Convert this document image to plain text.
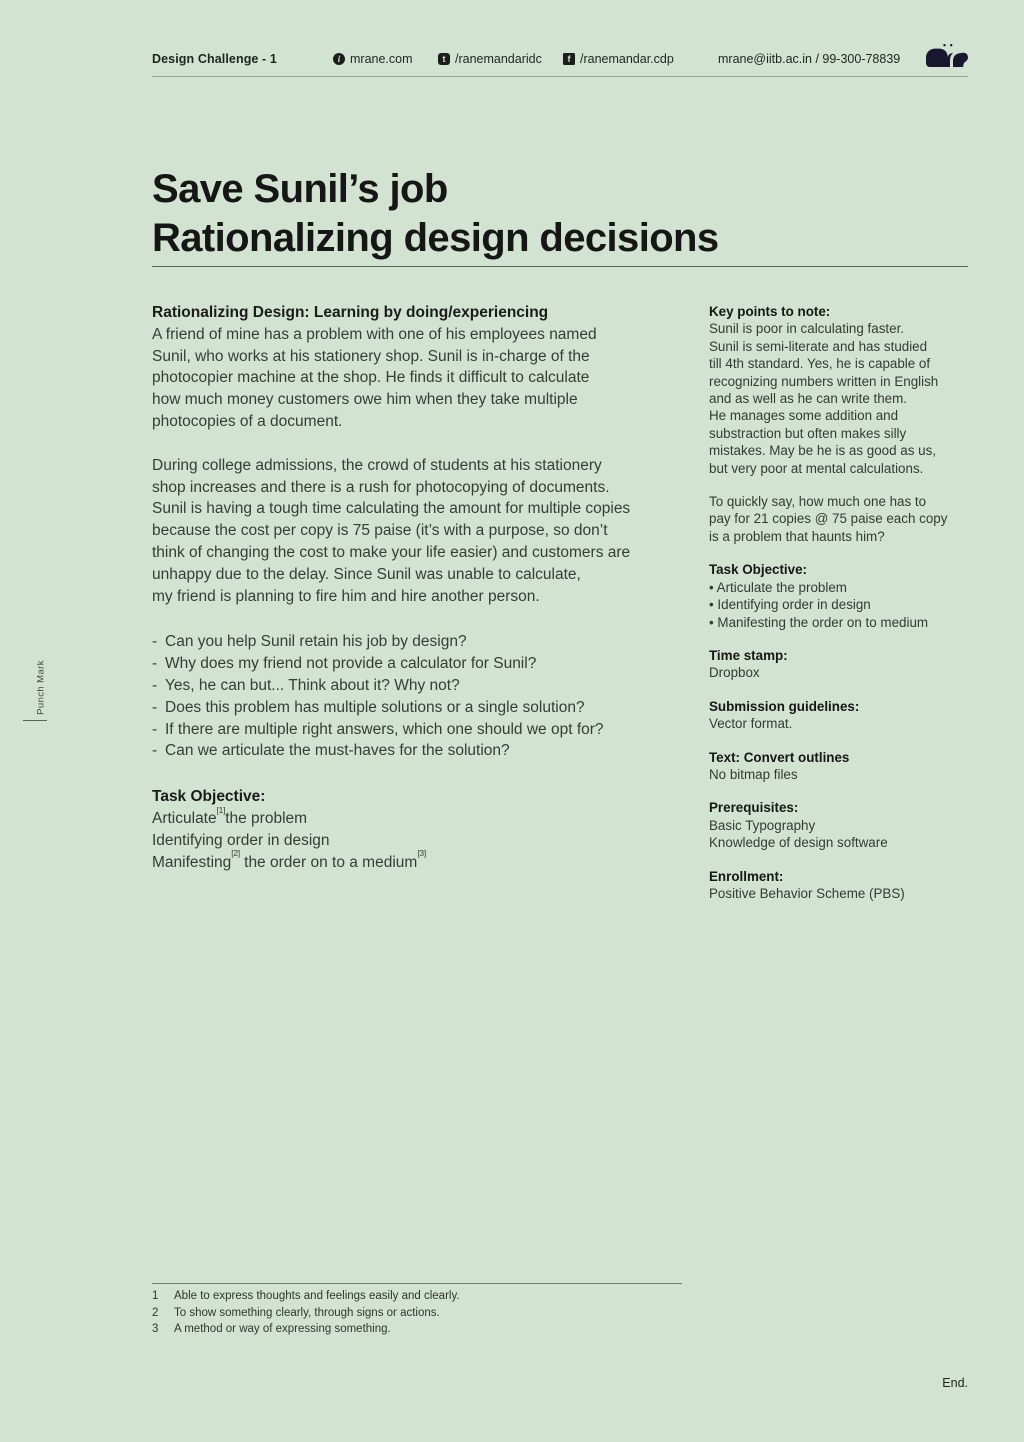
Design Challenge - 1	i mrane.com	t /ranemandaridc	f /ranemandar.cdp	mrane@iitb.ac.in / 99-300-78839
Save Sunil’s job
Rationalizing design decisions
Rationalizing Design: Learning by doing/experiencing
A friend of mine has a problem with one of his employees named
Sunil, who works at his stationery shop. Sunil is in-charge of the
photocopier machine at the shop. He finds it difficult to calculate
how much money customers owe him when they take multiple
photocopies of a document.
During college admissions, the crowd of students at his stationery
shop increases and there is a rush for photocopying of documents.
Sunil is having a tough time calculating the amount for multiple copies
because the cost per copy is 75 paise (it’s with a purpose, so don’t
think of changing the cost to make your life easier) and customers are
unhappy due to the delay. Since Sunil was unable to calculate,
my friend is planning to fire him and hire another person.
- Can you help Sunil retain his job by design?
- Why does my friend not provide a calculator for Sunil?
- Yes, he can but... Think about it? Why not?
- Does this problem has multiple solutions or a single solution?
- If there are multiple right answers, which one should we opt for?
- Can we articulate the must-haves for the solution?
Task Objective:
Articulate[1]the problem
Identifying order in design
Manifesting[2] the order on to a medium[3]
Key points to note:
Sunil is poor in calculating faster.
Sunil is semi-literate and has studied
till 4th standard. Yes, he is capable of
recognizing numbers written in English
and as well as he can write them.
He manages some addition and
substraction but often makes silly
mistakes. May be he is as good as us,
but very poor at mental calculations.
To quickly say, how much one has to
pay for 21 copies @ 75 paise each copy
is a problem that haunts him?
Task Objective:
• Articulate the problem
• Identifying order in design
• Manifesting the order on to medium
Time stamp:
Dropbox
Submission guidelines:
Vector format.
Text: Convert outlines
No bitmap files
Prerequisites:
Basic Typography
Knowledge of design software
Enrollment:
Positive Behavior Scheme (PBS)
Punch Mark
1	Able to express thoughts and feelings easily and clearly.
2	To show something clearly, through signs or actions.
3	A method or way of expressing something.
End.
